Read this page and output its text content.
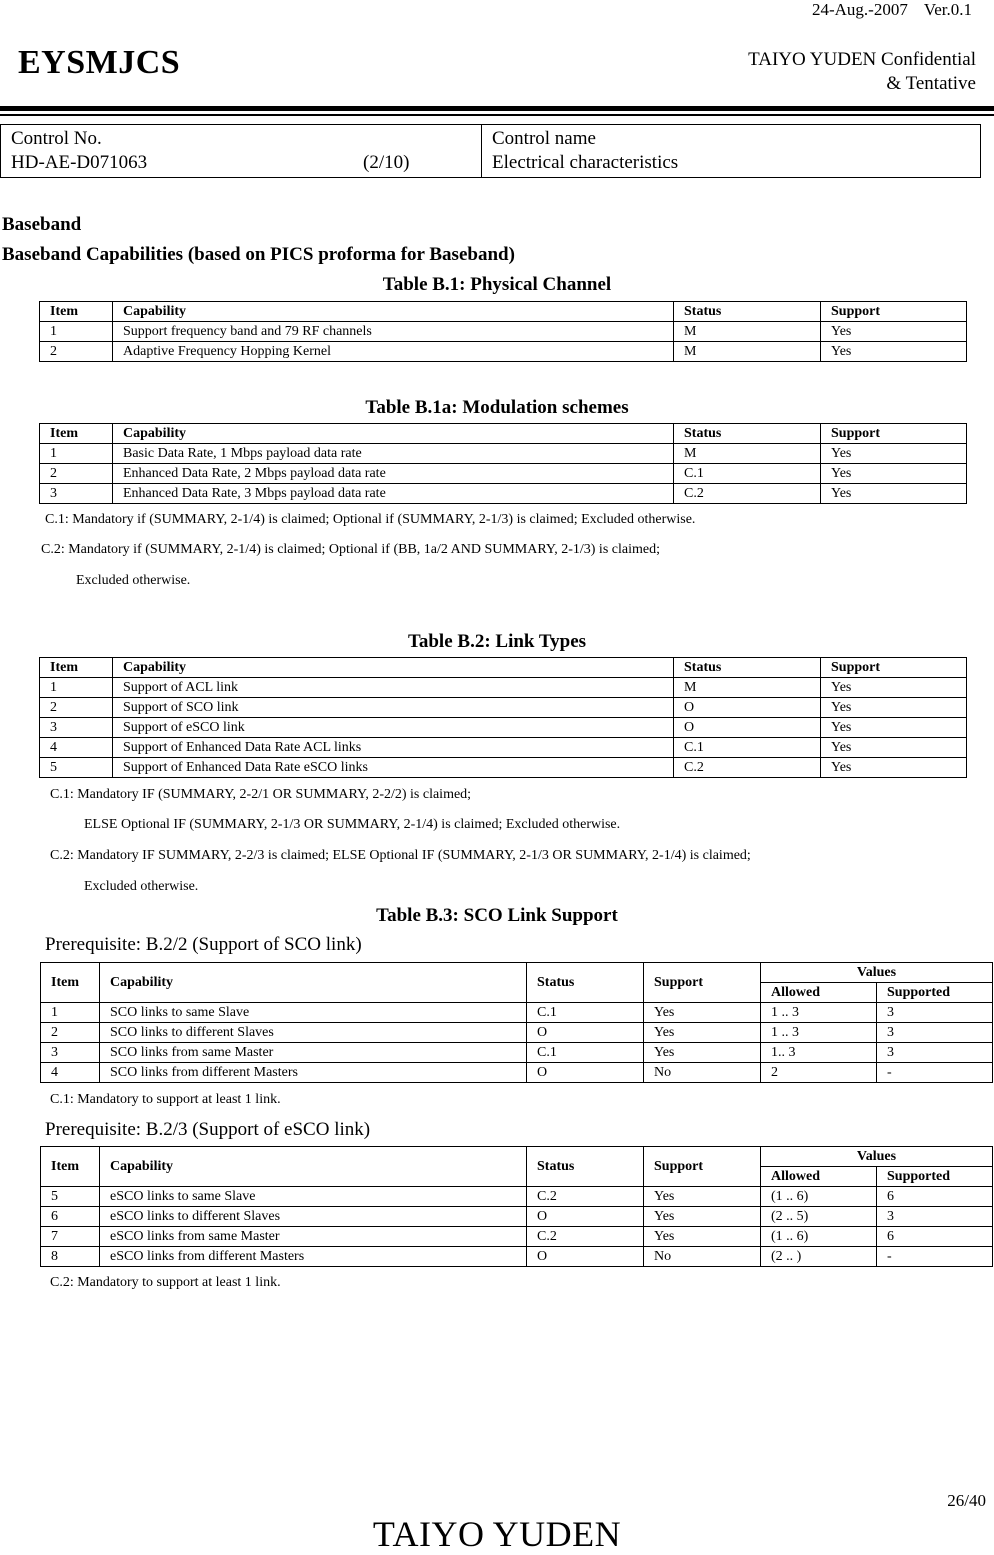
24-Aug.-2007 Ver.0.1
EYSMJCS	TAIYO YUDEN Confidential
& Tentative
Control No.
HD-AE-D071063	(2/10)

Control name
Electrical characteristics
Baseband
Baseband Capabilities (based on PICS proforma for Baseband)
Table B.1: Physical Channel
Item	Capability	Status	Support
1	Support frequency band and 79 RF channels	M	Yes
2	Adaptive Frequency Hopping Kernel	M	Yes
Table B.1a: Modulation schemes
Item	Capability	Status	Support
1	Basic Data Rate, 1 Mbps payload data rate	M	Yes
2	Enhanced Data Rate, 2 Mbps payload data rate	C.1	Yes
3	Enhanced Data Rate, 3 Mbps payload data rate	C.2	Yes
C.1: Mandatory if (SUMMARY, 2-1/4) is claimed; Optional if (SUMMARY, 2-1/3) is claimed; Excluded otherwise.
C.2: Mandatory if (SUMMARY, 2-1/4) is claimed; Optional if (BB, 1a/2 AND SUMMARY, 2-1/3) is claimed;
Excluded otherwise.
Table B.2: Link Types
Item	Capability	Status	Support
1	Support of ACL link	M	Yes
2	Support of SCO link	O	Yes
3	Support of eSCO link	O	Yes
4	Support of Enhanced Data Rate ACL links	C.1	Yes
5	Support of Enhanced Data Rate eSCO links	C.2	Yes
C.1: Mandatory IF (SUMMARY, 2-2/1 OR SUMMARY, 2-2/2) is claimed;
ELSE Optional IF (SUMMARY, 2-1/3 OR SUMMARY, 2-1/4) is claimed; Excluded otherwise.
C.2: Mandatory IF SUMMARY, 2-2/3 is claimed; ELSE Optional IF (SUMMARY, 2-1/3 OR SUMMARY, 2-1/4) is claimed;
Excluded otherwise.
Table B.3: SCO Link Support
Prerequisite: B.2/2 (Support of SCO link)
Item	Capability	Status	Support	Values	
				Allowed	Supported
1	SCO links to same Slave	C.1	Yes	1 .. 3	3
2	SCO links to different Slaves	O	Yes	1 .. 3	3
3	SCO links from same Master	C.1	Yes	1.. 3	3
4	SCO links from different Masters	O	No	2	-
C.1: Mandatory to support at least 1 link.
Prerequisite: B.2/3 (Support of eSCO link)
Item	Capability	Status	Support	Values	
				Allowed	Supported
5	eSCO links to same Slave	C.2	Yes	(1 .. 6)	6
6	eSCO links to different Slaves	O	Yes	(2 .. 5)	3
7	eSCO links from same Master	C.2	Yes	(1 .. 6)	6
8	eSCO links from different Masters	O	No	(2 .. )	-
C.2: Mandatory to support at least 1 link.
26/40
TAIYO YUDEN
